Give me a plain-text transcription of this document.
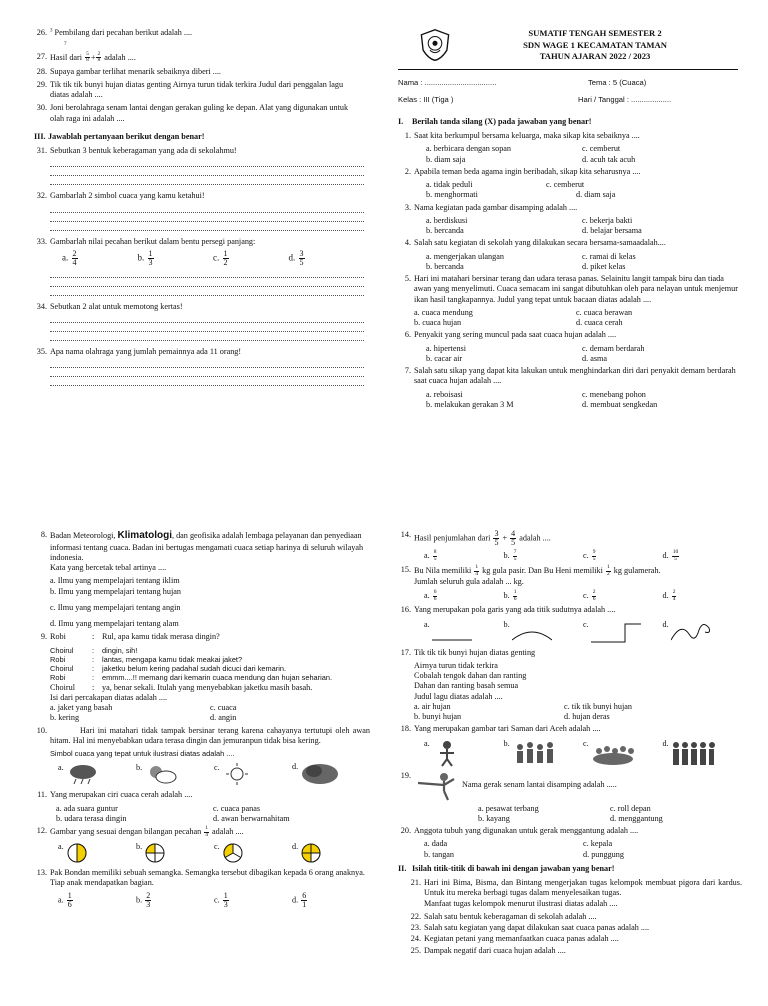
26. $^3$ Pembilang dari pecahan berikut adalah ....
7
27. Hasil dari $\frac{5}{8} + \frac{2}{8}$ adalah ....
28. Supaya gambar terlihat menarik sebaiknya diberi ....
29. Tik tik tik bunyi hujan diatas genting Airnya turun tidak terkira Judul dari penggalan lagu diatas adalah ....
30. Joni berolahraga senam lantai dengan gerakan guling ke depan. Alat yang digunakan untuk olah raga ini adalah ....
III. Jawablah pertanyaan berikut dengan benar!
31. Sebutkan 3 bentuk keberagaman yang ada di sekolahmu!
32. Gambarlah 2 simbol cuaca yang kamu ketahui!
33. Gambarlah nilai pecahan berikut dalam bentu persegi panjang:
a. $\frac{2}{4}$	b. $\frac{1}{3}$	c. $\frac{1}{2}$	d. $\frac{3}{5}$
34. Sebutkan 2 alat untuk memotong kertas!
35. Apa nama olahraga yang jumlah pemainnya ada 11 orang!
SUMATIF TENGAH SEMESTER 2
SDN WAGE 1 KECAMATAN TAMAN
TAHUN AJARAN 2022 / 2023
Nama : ..................................	Tema : 5 (Cuaca)
Kelas : III (Tiga )	Hari / Tanggal : ...................
I.	Berilah tanda silang (X) pada jawaban yang benar!
1. Saat kita berkumpul bersama keluarga, maka sikap kita sebaiknya ....
a. berbicara dengan sopan	c. cemberut
b. diam saja	d. acuh tak acuh
2. Apabila teman beda agama ingin beribadah, sikap kita seharusnya ....
a. tidak peduli	c. cemberut
b. menghormati	d. diam saja
3. Nama kegiatan pada gambar disamping adalah ....
a. berdiskusi	c. bekerja bakti
b. bercanda	d. belajar bersama
4. Salah satu kegiatan di sekolah yang dilakukan secara bersama-samaadalah....
a. mengerjakan ulangan	c. ramai di kelas
b. bercanda	d. piket kelas
5. Hari ini matahari bersinar terang dan udara terasa panas. Selainitu langit tampak biru dan tiada awan yang menyelimuti. Cuaca semacam ini sangat dibutuhkan oleh para nelayan untuk menjemur ikan hasil tangkapannya. Judul yang tepat untuk bacaan diatas adalah ....
a. cuaca mendung	c. cuaca berawan
b. cuaca hujan	d. cuaca cerah
6. Penyakit yang sering muncul pada saat cuaca hujan adalah ....
a. hipertensi	c. demam berdarah
b. cacar air	d. asma
7. Salah satu sikap yang dapat kita lakukan untuk menghindarkan diri dari penyakit demam berdarah saat cuaca hujan adalah ....
a. reboisasi	c. menebang pohon
b. melakukan gerakan 3 M	d. membuat sengkedan
8. Badan Meteorologi, Klimatologi, dan geofisika adalah lembaga pelayanan dan penyediaan informasi tentang cuaca. Badan ini bertugas mengamati cuaca setiap harinya di seluruh wilayah indonesia.
Kata yang bercetak tebal artinya ....
a. Ilmu yang mempelajari tentang iklim
b. Ilmu yang mempelajari tentang hujan
c. Ilmu yang mempelajari tentang angin
d. Ilmu yang mempelajari tentang alam
9. Robi	: Rul, apa kamu tidak merasa dingin?
Choirul	:	dingin, sih!
Robi	:	lantas, mengapa kamu tidak meakai jaket?
Choirul	:	jaketku belum kering padahal sudah dicuci dari kemarin.
Robi	:	emmm....!! memang dari kemarin cuaca mendung dan hujan seharian.
Choirul	: ya, benar sekali. Itulah yang menyebabkan jaketku masih basah.
Isi dari percakapan diatas adalah ....
a. jaket yang basah	c. cuaca
b. kering	d. angin
10.	Hari ini matahari tidak tampak bersinar terang karena cahayanya tertutupi oleh awan hitam. Hal ini menyebabkan udara terasa dingin dan jemuranpun tidak bisa kering.
Simbol cuaca yang tepat untuk ilustrasi diatas adalah ....
a.	b.	c.	d.
11. Yang merupakan ciri cuaca cerah adalah ....
a. ada suara guntur	c. cuaca panas
b. udara terasa dingin	d. awan berwarnahitam
12. Gambar yang sesuai dengan bilangan pecahan $\frac{1}{4}$ adalah ....
a.	b.	c.	d.
13. Pak Bondan memiliki sebuah semangka. Semangka tersebut dibagikan kepada 6 orang anaknya. Tiap anak mendapatkan bagian.
a. $\frac{1}{6}$	b. $\frac{2}{3}$	c. $\frac{1}{3}$	d. $\frac{6}{1}$
14. Hasil penjumlahan dari $\frac{3}{5} + \frac{4}{5}$ adalah ....
a. $\frac{8}{5}$	b. $\frac{7}{5}$	c. $\frac{9}{5}$	d. $\frac{10}{5}$
15. Bu Nila memiliki $\frac{1}{4}$ kg gula pasir. Dan Bu Heni memiliki $\frac{1}{2}$ kg gulamerah.
Jumlah seluruh gula adalah ... kg.
a. $\frac{6}{6}$	b. $\frac{1}{6}$	c. $\frac{2}{6}$	d. $\frac{2}{4}$
16. Yang merupakan pola garis yang ada titik sudutnya adalah ....
a.	b.	c.	d.
17. Tik tik tik bunyi hujan diatas genting
Airnya turun tidak terkira
Cobalah tengok dahan dan ranting
Dahan dan ranting basah semua
Judul lagu diatas adalah ....
a. air hujan	c. tik tik bunyi hujan
b. bunyi hujan	d. hujan deras
18. Yang merupakan gambar tari Saman dari Aceh adalah ....
a.	b.	c.	d.
19.
Nama gerak senam lantai disamping adalah .....
a. pesawat terbang	c. roll depan
b. kayang	d. menggantung
20. Anggota tubuh yang digunakan untuk gerak menggantung adalah ....
a. dada	c. kepala
b. tangan	d. punggung
II. Isilah titik-titik di bawah ini dengan jawaban yang benar!
21. Hari ini Bima, Bisma, dan Bintang mengerjakan tugas kelompok membuat pigora dari kardus. Untuk itu mereka berbagi tugas dalam menyelesaikan tugas.
Manfaat tugas kelompok menurut ilustrasi diatas adalah ....
22. Salah satu bentuk keberagaman di sekolah adalah ....
23. Salah satu kegiatan yang dapat dilakukan saat cuaca panas adalah ....
24. Kegiatan petani yang memanfaatkan cuaca panas adalah ....
25. Dampak negatif dari cuaca hujan adalah ....
